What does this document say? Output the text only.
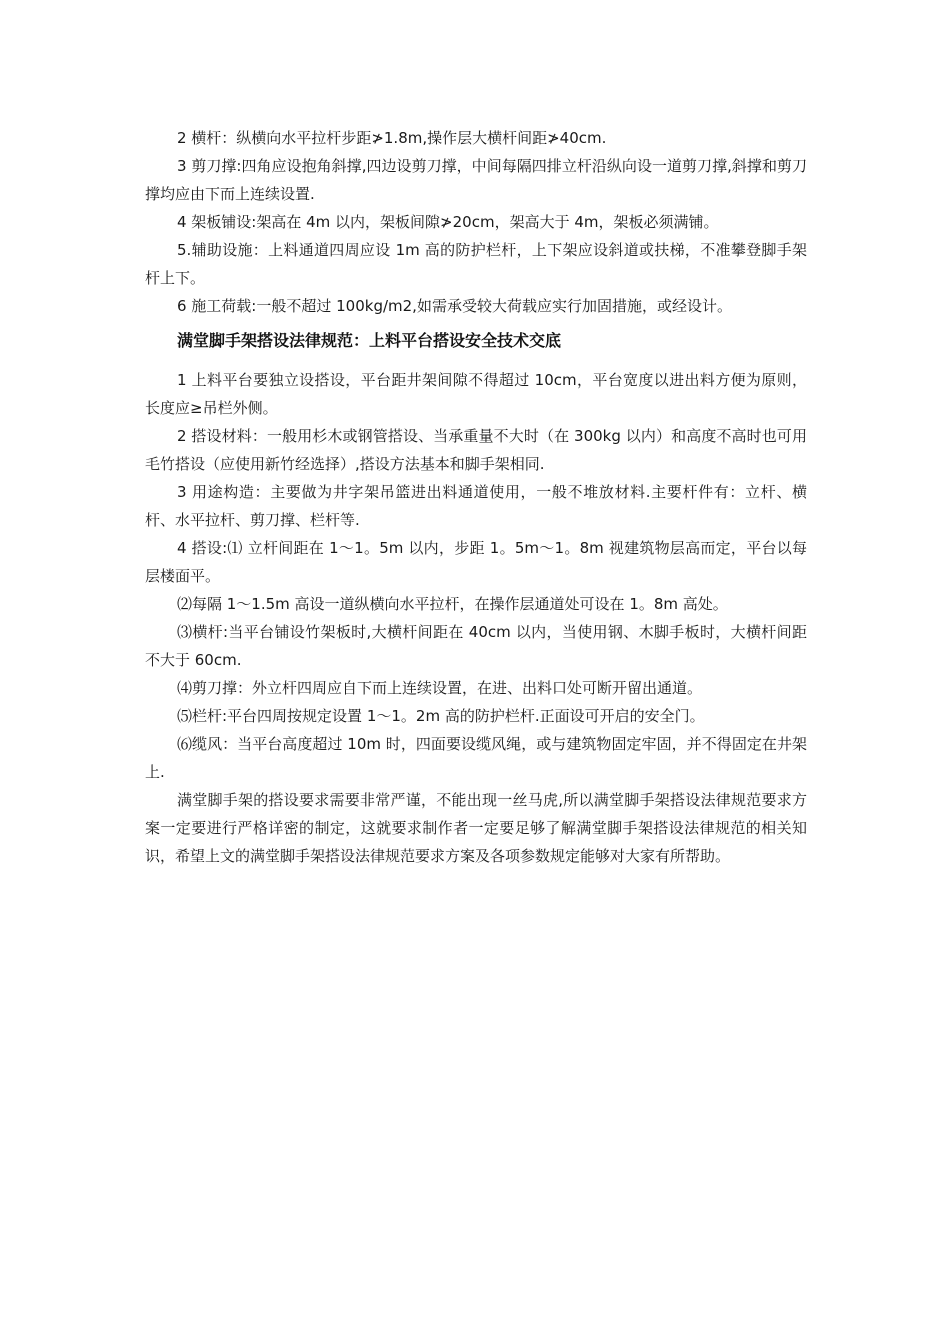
2 横杆：纵横向水平拉杆步距≯1.8m,操作层大横杆间距≯40cm.

3 剪刀撑:四角应设抱角斜撑,四边设剪刀撑，中间每隔四排立杆沿纵向设一道剪刀撑,斜撑和剪刀撑均应由下而上连续设置.

4 架板铺设:架高在 4m 以内，架板间隙≯20cm，架高大于 4m，架板必须满铺。

5.辅助设施：上料通道四周应设 1m 高的防护栏杆，上下架应设斜道或扶梯，不准攀登脚手架杆上下。

6 施工荷载:一般不超过 100kg/m2,如需承受较大荷载应实行加固措施，或经设计。

满堂脚手架搭设法律规范：上料平台搭设安全技术交底

1 上料平台要独立设搭设，平台距井架间隙不得超过 10cm，平台宽度以进出料方便为原则，长度应≥吊栏外侧。

2 搭设材料：一般用杉木或钢管搭设、当承重量不大时（在 300kg 以内）和高度不高时也可用毛竹搭设（应使用新竹经选择）,搭设方法基本和脚手架相同.

3 用途构造：主要做为井字架吊篮进出料通道使用，一般不堆放材料.主要杆件有：立杆、横杆、水平拉杆、剪刀撑、栏杆等.

4 搭设:⑴ 立杆间距在 1～1。5m 以内，步距 1。5m～1。8m 视建筑物层高而定，平台以每层楼面平。

⑵每隔 1～1.5m 高设一道纵横向水平拉杆，在操作层通道处可设在 1。8m 高处。

⑶横杆:当平台铺设竹架板时,大横杆间距在 40cm 以内，当使用钢、木脚手板时，大横杆间距不大于 60cm.

⑷剪刀撑：外立杆四周应自下而上连续设置，在进、出料口处可断开留出通道。

⑸栏杆:平台四周按规定设置 1～1。2m 高的防护栏杆.正面设可开启的安全门。

⑹缆风：当平台高度超过 10m 时，四面要设缆风绳，或与建筑物固定牢固，并不得固定在井架上.

满堂脚手架的搭设要求需要非常严谨，不能出现一丝马虎,所以满堂脚手架搭设法律规范要求方案一定要进行严格详密的制定，这就要求制作者一定要足够了解满堂脚手架搭设法律规范的相关知识，希望上文的满堂脚手架搭设法律规范要求方案及各项参数规定能够对大家有所帮助。
